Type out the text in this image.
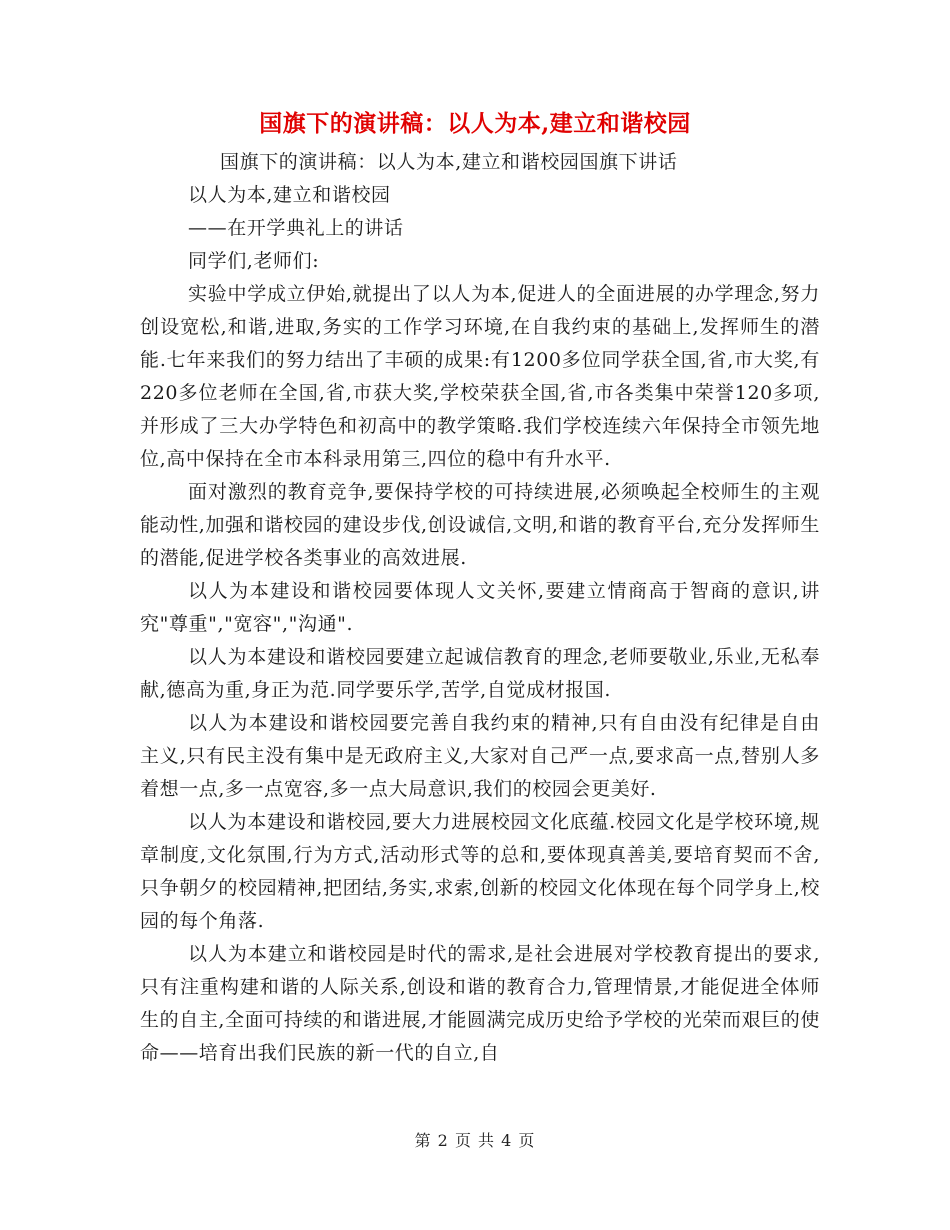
国旗下的演讲稿：以人为本,建立和谐校园

国旗下的演讲稿：以人为本,建立和谐校园国旗下讲话

以人为本,建立和谐校园

——在开学典礼上的讲话

同学们,老师们:

实验中学成立伊始,就提出了以人为本,促进人的全面进展的办学理念,努力创设宽松,和谐,进取,务实的工作学习环境,在自我约束的基础上,发挥师生的潜能.七年来我们的努力结出了丰硕的成果:有1200多位同学获全国,省,市大奖,有220多位老师在全国,省,市获大奖,学校荣获全国,省,市各类集中荣誉120多项,并形成了三大办学特色和初高中的教学策略.我们学校连续六年保持全市领先地位,高中保持在全市本科录用第三,四位的稳中有升水平.

面对激烈的教育竞争,要保持学校的可持续进展,必须唤起全校师生的主观能动性,加强和谐校园的建设步伐,创设诚信,文明,和谐的教育平台,充分发挥师生的潜能,促进学校各类事业的高效进展.

以人为本建设和谐校园要体现人文关怀,要建立情商高于智商的意识,讲究"尊重","宽容","沟通".

以人为本建设和谐校园要建立起诚信教育的理念,老师要敬业,乐业,无私奉献,德高为重,身正为范.同学要乐学,苦学,自觉成材报国.

以人为本建设和谐校园要完善自我约束的精神,只有自由没有纪律是自由主义,只有民主没有集中是无政府主义,大家对自己严一点,要求高一点,替别人多着想一点,多一点宽容,多一点大局意识,我们的校园会更美好.

以人为本建设和谐校园,要大力进展校园文化底蕴.校园文化是学校环境,规章制度,文化氛围,行为方式,活动形式等的总和,要体现真善美,要培育契而不舍,只争朝夕的校园精神,把团结,务实,求索,创新的校园文化体现在每个同学身上,校园的每个角落.

以人为本建立和谐校园是时代的需求,是社会进展对学校教育提出的要求,只有注重构建和谐的人际关系,创设和谐的教育合力,管理情景,才能促进全体师生的自主,全面可持续的和谐进展,才能圆满完成历史给予学校的光荣而艰巨的使命——培育出我们民族的新一代的自立,自

第 2 页 共 4 页
